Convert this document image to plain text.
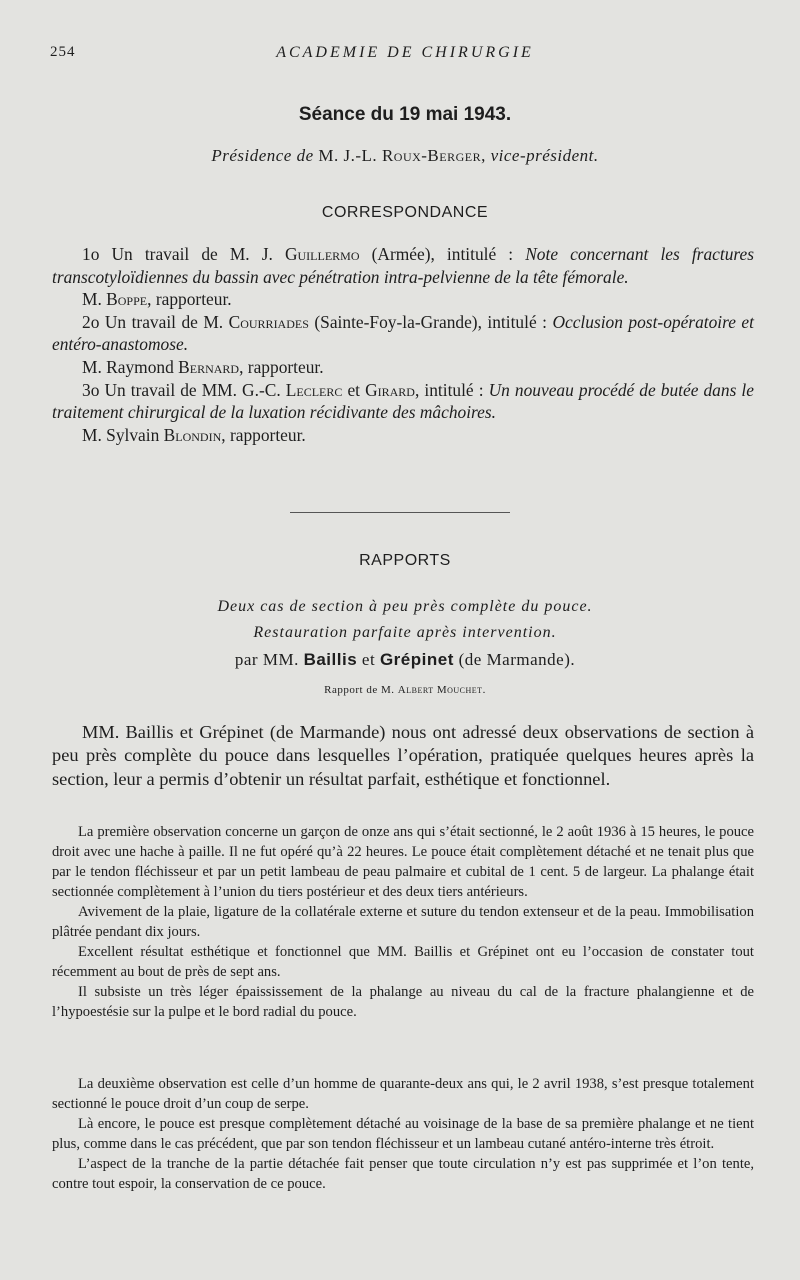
254	ACADEMIE DE CHIRURGIE
Séance du 19 mai 1943.
Présidence de M. J.-L. Roux-Berger, vice-président.
CORRESPONDANCE

1o Un travail de M. J. Guillermo (Armée), intitulé : Note concernant les fractures transcotyloïdiennes du bassin avec pénétration intra-pelvienne de la tête fémorale.

M. Boppe, rapporteur.

2o Un travail de M. Courriades (Sainte-Foy-la-Grande), intitulé : Occlusion post-opératoire et entéro-anastomose.

M. Raymond Bernard, rapporteur.

3o Un travail de MM. G.-C. Leclerc et Girard, intitulé : Un nouveau procédé de butée dans le traitement chirurgical de la luxation récidivante des mâchoires.

M. Sylvain Blondin, rapporteur.

RAPPORTS
Deux cas de section à peu près complète du pouce.
Restauration parfaite après intervention.
par MM. Baillis et Grépinet (de Marmande).
Rapport de M. Albert Mouchet.

MM. Baillis et Grépinet (de Marmande) nous ont adressé deux observations de section à peu près complète du pouce dans lesquelles l’opération, pratiquée quelques heures après la section, leur a permis d’obtenir un résultat parfait, esthétique et fonctionnel.

La première observation concerne un garçon de onze ans qui s’était sectionné, le 2 août 1936 à 15 heures, le pouce droit avec une hache à paille. Il ne fut opéré qu’à 22 heures. Le pouce était complètement détaché et ne tenait plus que par le tendon fléchisseur et par un petit lambeau de peau palmaire et cubital de 1 cent. 5 de largeur. La phalange était sectionnée complètement à l’union du tiers postérieur et des deux tiers antérieurs.

Avivement de la plaie, ligature de la collatérale externe et suture du tendon extenseur et de la peau. Immobilisation plâtrée pendant dix jours.

Excellent résultat esthétique et fonctionnel que MM. Baillis et Grépinet ont eu l’occasion de constater tout récemment au bout de près de sept ans.

Il subsiste un très léger épaississement de la phalange au niveau du cal de la fracture phalangienne et de l’hypoestésie sur la pulpe et le bord radial du pouce.

La deuxième observation est celle d’un homme de quarante-deux ans qui, le 2 avril 1938, s’est presque totalement sectionné le pouce droit d’un coup de serpe.

Là encore, le pouce est presque complètement détaché au voisinage de la base de sa première phalange et ne tient plus, comme dans le cas précédent, que par son tendon fléchisseur et un lambeau cutané antéro-interne très étroit.

L’aspect de la tranche de la partie détachée fait penser que toute circulation n’y est pas supprimée et l’on tente, contre tout espoir, la conservation de ce pouce.
